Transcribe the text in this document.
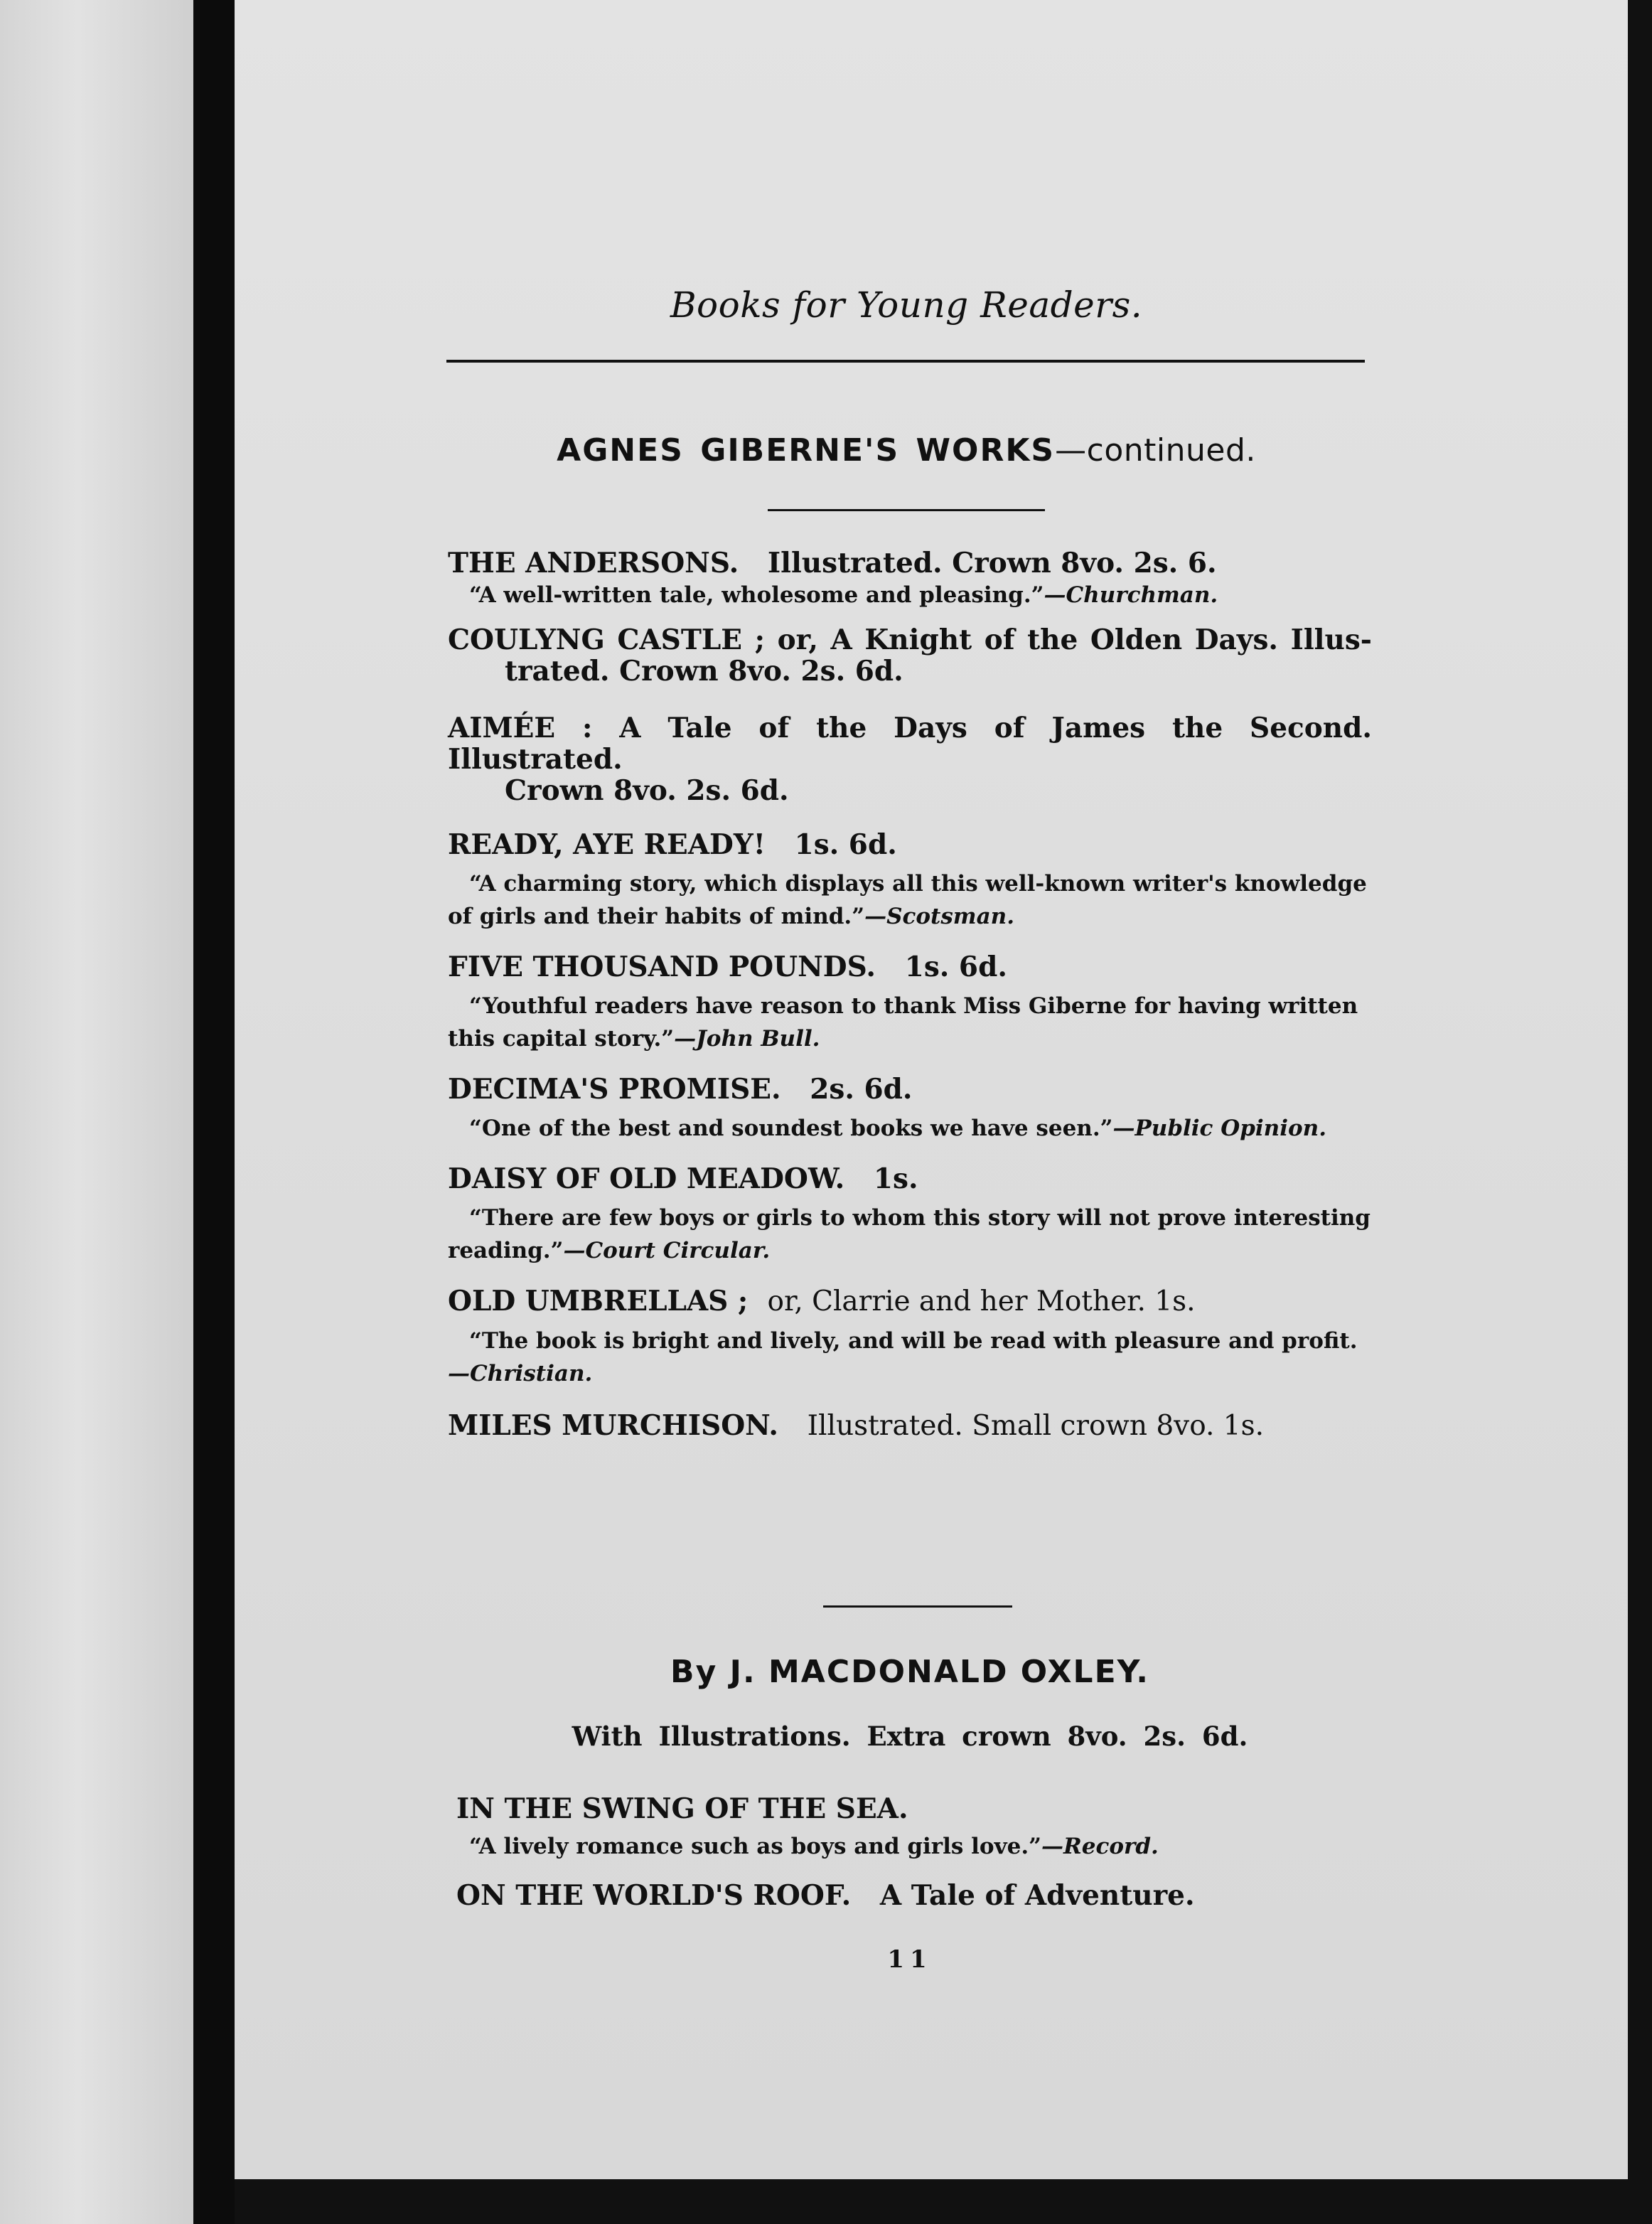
Books for Young Readers.
AGNES GIBERNE'S WORKS—continued.

THE ANDERSONS. Illustrated. Crown 8vo. 2s. 6.

“A well-written tale, wholesome and pleasing.”—Churchman.

COULYNG CASTLE ; or, A Knight of the Olden Days. Illus-

trated. Crown 8vo. 2s. 6d.

AIMÉE : A Tale of the Days of James the Second. Illustrated.

Crown 8vo. 2s. 6d.

READY, AYE READY! 1s. 6d.

“A charming story, which displays all this well-known writer's knowledge of girls and their habits of mind.”—Scotsman.

FIVE THOUSAND POUNDS. 1s. 6d.

“Youthful readers have reason to thank Miss Giberne for having written this capital story.”—John Bull.

DECIMA'S PROMISE. 2s. 6d.

“One of the best and soundest books we have seen.”—Public Opinion.

DAISY OF OLD MEADOW. 1s.

“There are few boys or girls to whom this story will not prove interesting reading.”—Court Circular.

OLD UMBRELLAS ; or, Clarrie and her Mother. 1s.

“The book is bright and lively, and will be read with pleasure and profit.

—Christian.

MILES MURCHISON. Illustrated. Small crown 8vo. 1s.

By J. MACDONALD OXLEY.
With Illustrations. Extra crown 8vo. 2s. 6d.

IN THE SWING OF THE SEA.

“A lively romance such as boys and girls love.”—Record.

ON THE WORLD'S ROOF. A Tale of Adventure.

11
